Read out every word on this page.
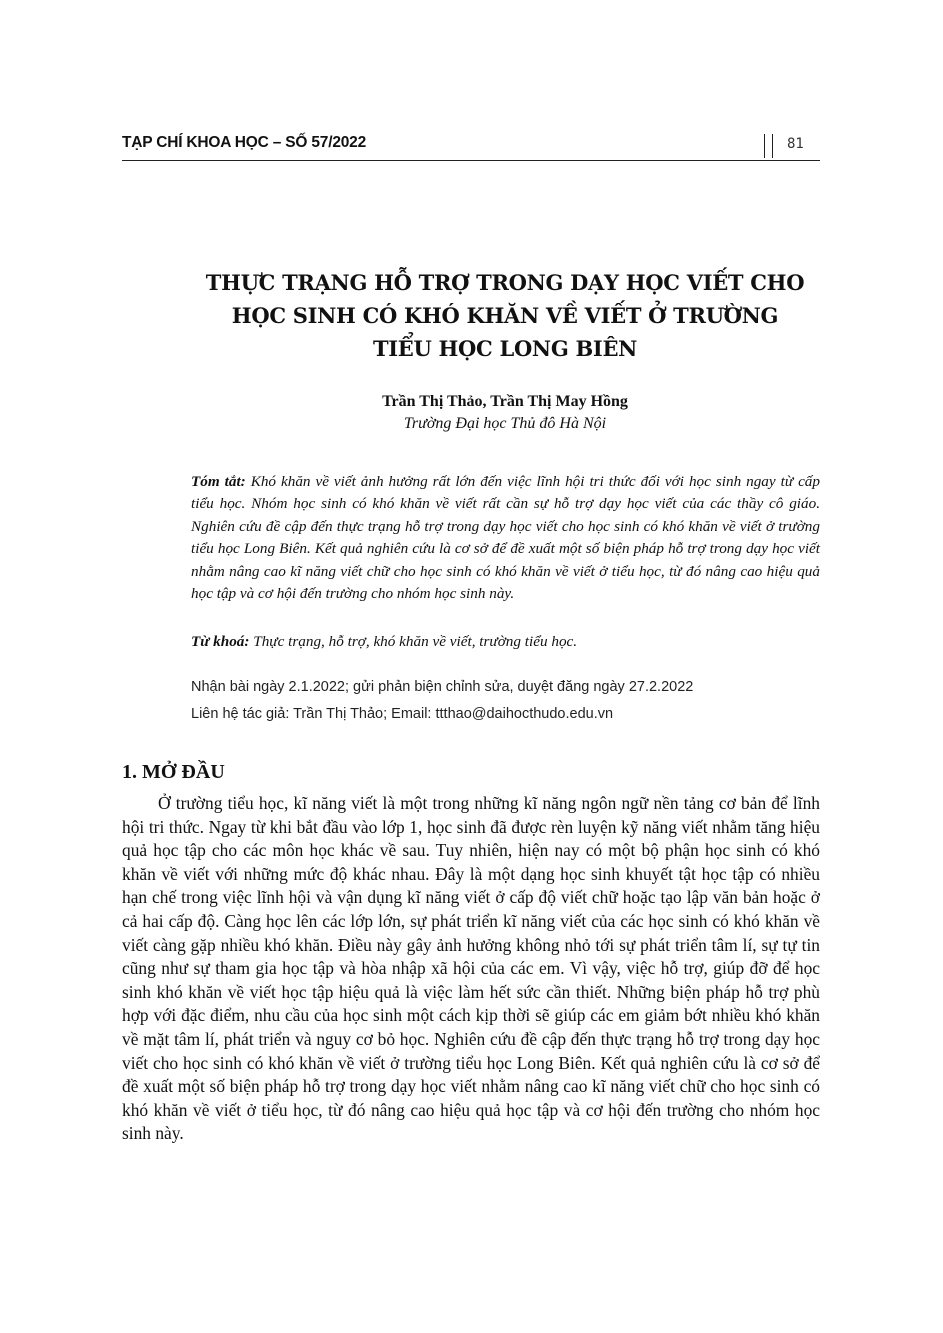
TẠP CHÍ KHOA HỌC – SỐ 57/2022	81
THỰC TRẠNG HỖ TRỢ TRONG DẠY HỌC VIẾT CHO
HỌC SINH CÓ KHÓ KHĂN VỀ VIẾT Ở TRƯỜNG
TIỂU HỌC LONG BIÊN
Trần Thị Thảo, Trần Thị May Hồng
Trường Đại học Thủ đô Hà Nội

Tóm tắt: Khó khăn về viết ảnh hưởng rất lớn đến việc lĩnh hội tri thức đối với học sinh ngay từ cấp tiểu học. Nhóm học sinh có khó khăn về viết rất cần sự hỗ trợ dạy học viết của các thầy cô giáo. Nghiên cứu đề cập đến thực trạng hỗ trợ trong dạy học viết cho học sinh có khó khăn về viết ở trường tiểu học Long Biên. Kết quả nghiên cứu là cơ sở để đề xuất một số biện pháp hỗ trợ trong dạy học viết nhằm nâng cao kĩ năng viết chữ cho học sinh có khó khăn về viết ở tiểu học, từ đó nâng cao hiệu quả học tập và cơ hội đến trường cho nhóm học sinh này.

Từ khoá: Thực trạng, hỗ trợ, khó khăn về viết, trường tiểu học.

Nhận bài ngày 2.1.2022; gửi phản biện chỉnh sửa, duyệt đăng ngày 27.2.2022
Liên hệ tác giả: Trần Thị Thảo; Email: ttthao@daihocthudo.edu.vn
1. MỞ ĐẦU

Ở trường tiểu học, kĩ năng viết là một trong những kĩ năng ngôn ngữ nền tảng cơ bản để lĩnh hội tri thức. Ngay từ khi bắt đầu vào lớp 1, học sinh đã được rèn luyện kỹ năng viết nhằm tăng hiệu quả học tập cho các môn học khác về sau. Tuy nhiên, hiện nay có một bộ phận học sinh có khó khăn về viết với những mức độ khác nhau. Đây là một dạng học sinh khuyết tật học tập có nhiều hạn chế trong việc lĩnh hội và vận dụng kĩ năng viết ở cấp độ viết chữ hoặc tạo lập văn bản hoặc ở cả hai cấp độ. Càng học lên các lớp lớn, sự phát triển kĩ năng viết của các học sinh có khó khăn về viết càng gặp nhiều khó khăn. Điều này gây ảnh hưởng không nhỏ tới sự phát triển tâm lí, sự tự tin cũng như sự tham gia học tập và hòa nhập xã hội của các em. Vì vậy, việc hỗ trợ, giúp đỡ để học sinh khó khăn về viết học tập hiệu quả là việc làm hết sức cần thiết. Những biện pháp hỗ trợ phù hợp với đặc điểm, nhu cầu của học sinh một cách kịp thời sẽ giúp các em giảm bớt nhiều khó khăn về mặt tâm lí, phát triển và nguy cơ bỏ học. Nghiên cứu đề cập đến thực trạng hỗ trợ trong dạy học viết cho học sinh có khó khăn về viết ở trường tiểu học Long Biên. Kết quả nghiên cứu là cơ sở để đề xuất một số biện pháp hỗ trợ trong dạy học viết nhằm nâng cao kĩ năng viết chữ cho học sinh có khó khăn về viết ở tiểu học, từ đó nâng cao hiệu quả học tập và cơ hội đến trường cho nhóm học sinh này.
